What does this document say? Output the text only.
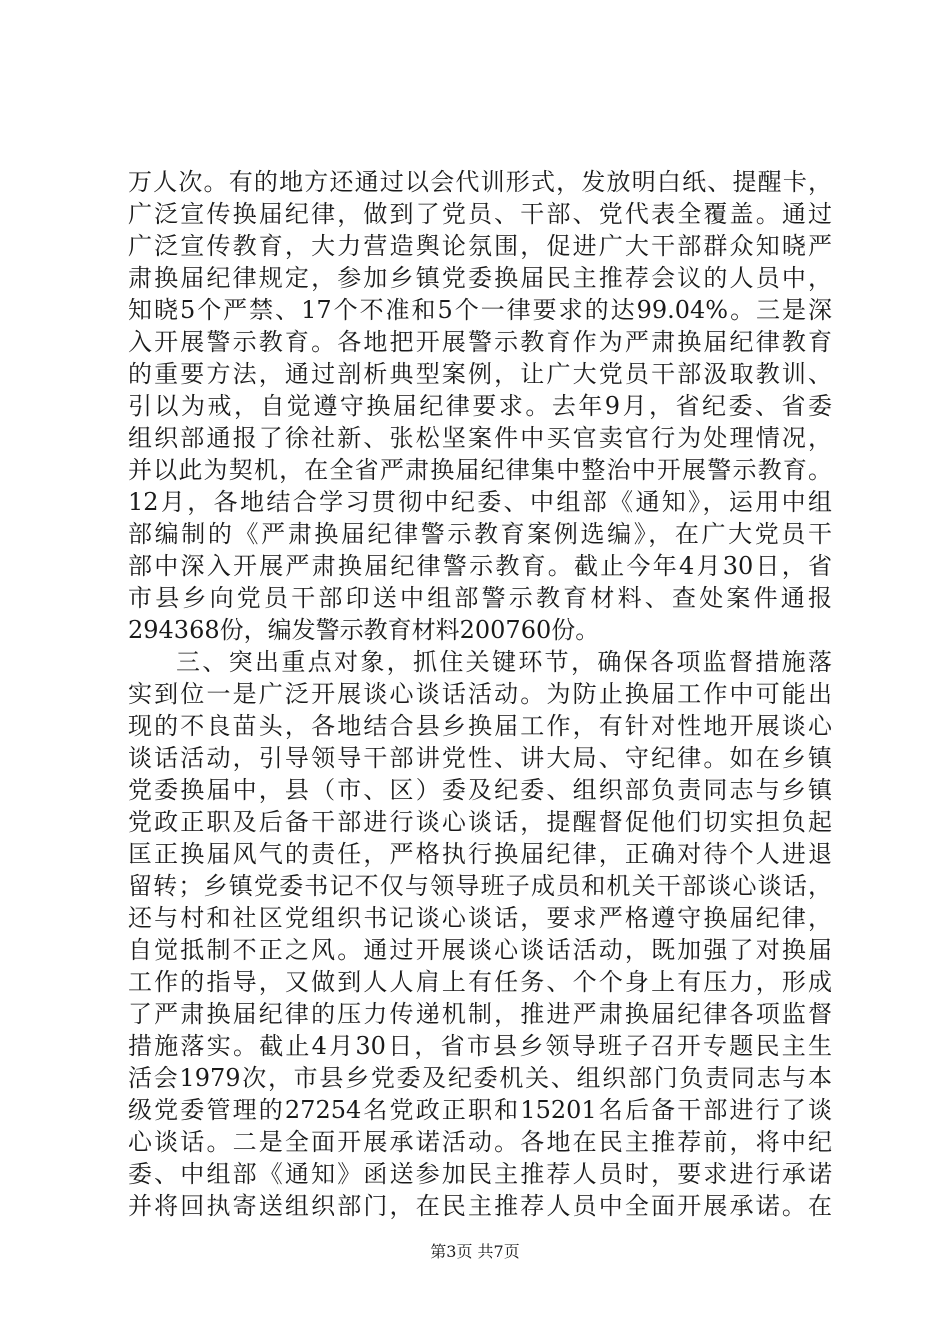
万人次。有的地方还通过以会代训形式，发放明白纸、提醒卡，
广泛宣传换届纪律，做到了党员、干部、党代表全覆盖。通过
广泛宣传教育，大力营造舆论氛围，促进广大干部群众知晓严
肃换届纪律规定，参加乡镇党委换届民主推荐会议的人员中，
知晓5个严禁、17个不准和5个一律要求的达99.04%。三是深
入开展警示教育。各地把开展警示教育作为严肃换届纪律教育
的重要方法，通过剖析典型案例，让广大党员干部汲取教训、
引以为戒，自觉遵守换届纪律要求。去年9月，省纪委、省委
组织部通报了徐社新、张松坚案件中买官卖官行为处理情况，
并以此为契机，在全省严肃换届纪律集中整治中开展警示教育。
12月，各地结合学习贯彻中纪委、中组部《通知》，运用中组
部编制的《严肃换届纪律警示教育案例选编》，在广大党员干
部中深入开展严肃换届纪律警示教育。截止今年4月30日，省
市县乡向党员干部印送中组部警示教育材料、查处案件通报
294368份，编发警示教育材料200760份。
三、突出重点对象，抓住关键环节，确保各项监督措施落
实到位一是广泛开展谈心谈话活动。为防止换届工作中可能出
现的不良苗头，各地结合县乡换届工作，有针对性地开展谈心
谈话活动，引导领导干部讲党性、讲大局、守纪律。如在乡镇
党委换届中，县（市、区）委及纪委、组织部负责同志与乡镇
党政正职及后备干部进行谈心谈话，提醒督促他们切实担负起
匡正换届风气的责任，严格执行换届纪律，正确对待个人进退
留转；乡镇党委书记不仅与领导班子成员和机关干部谈心谈话，
还与村和社区党组织书记谈心谈话，要求严格遵守换届纪律，
自觉抵制不正之风。通过开展谈心谈话活动，既加强了对换届
工作的指导，又做到人人肩上有任务、个个身上有压力，形成
了严肃换届纪律的压力传递机制，推进严肃换届纪律各项监督
措施落实。截止4月30日，省市县乡领导班子召开专题民主生
活会1979次，市县乡党委及纪委机关、组织部门负责同志与本
级党委管理的27254名党政正职和15201名后备干部进行了谈
心谈话。二是全面开展承诺活动。各地在民主推荐前，将中纪
委、中组部《通知》函送参加民主推荐人员时，要求进行承诺
并将回执寄送组织部门，在民主推荐人员中全面开展承诺。在
第3页 共7页
